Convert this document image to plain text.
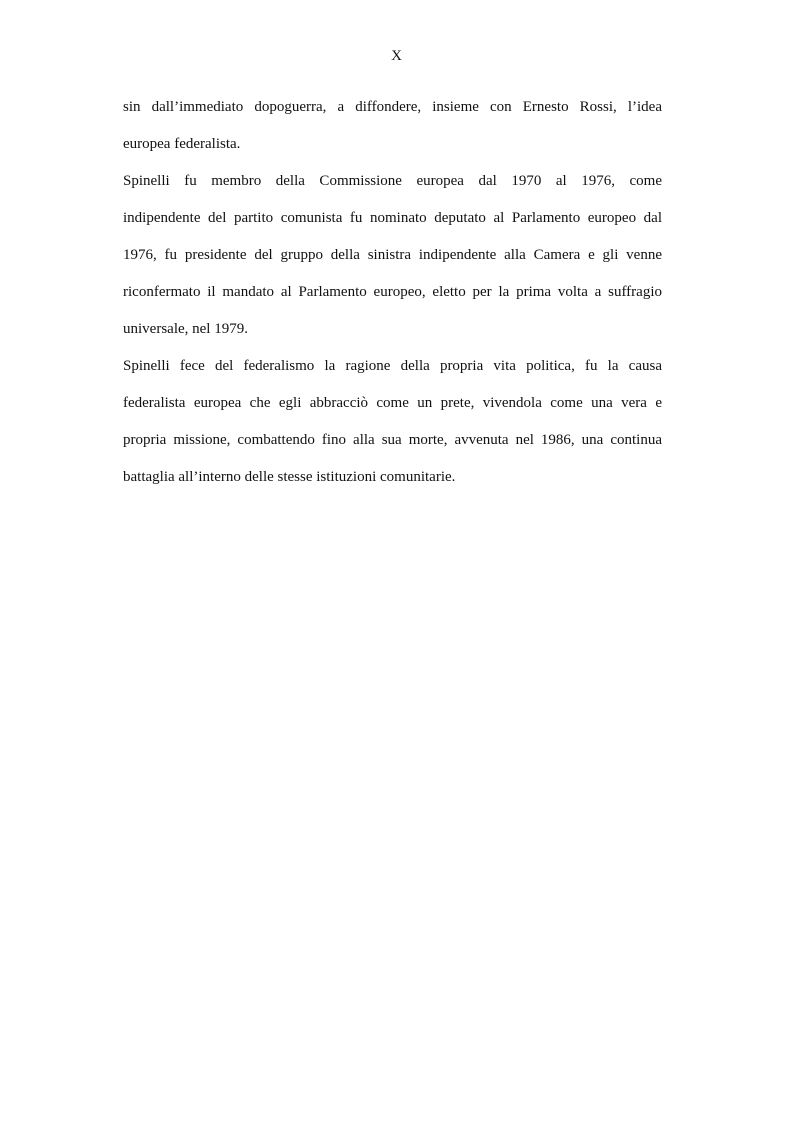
X

sin dall’immediato dopoguerra, a diffondere, insieme con Ernesto Rossi, l’idea
europea federalista.

Spinelli fu membro della Commissione europea dal 1970 al 1976, come
indipendente del partito comunista fu nominato deputato al Parlamento europeo dal
1976, fu presidente del gruppo della sinistra indipendente alla Camera e gli venne
riconfermato il mandato al Parlamento europeo, eletto per la prima volta a suffragio
universale, nel 1979.

Spinelli fece del federalismo la ragione della propria vita politica, fu la causa
federalista europea che egli abbracciò come un prete, vivendola come una vera e
propria missione, combattendo fino alla sua morte, avvenuta nel 1986, una continua
battaglia all’interno delle stesse istituzioni comunitarie.
